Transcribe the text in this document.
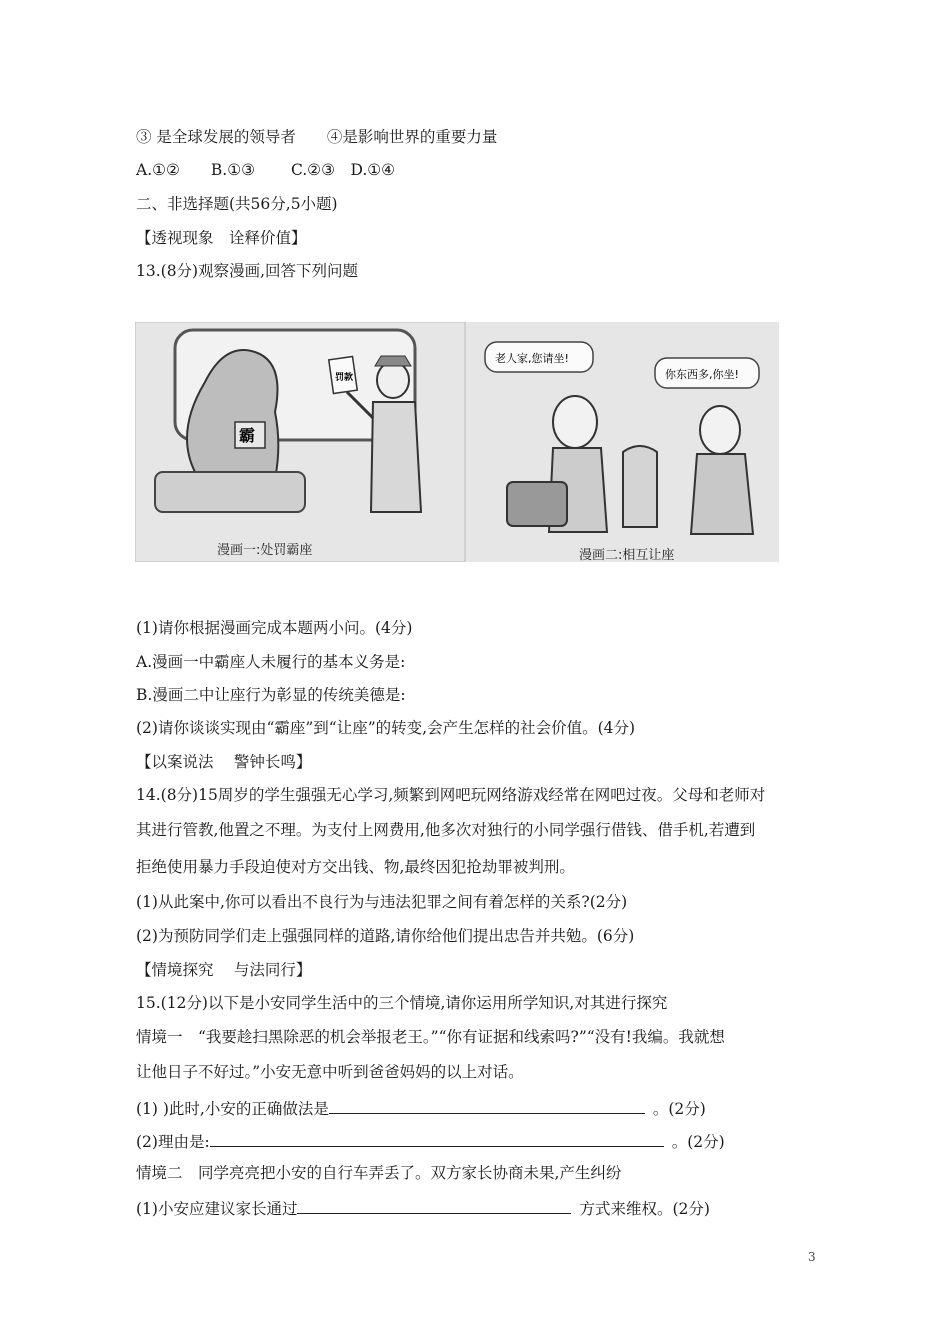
③ 是全球发展的领导者　　④是影响世界的重要力量
A.①②　　B.①③　　 C.②③　D.①④
二、非选择题(共56分,5小题)
【透视现象　诠释价值】
13.(8分)观察漫画,回答下列问题
霸
罚款
老人家,您请坐!
你东西多,你坐!
漫画一:处罚霸座	漫画二:相互让座
(1)请你根据漫画完成本题两小问。(4分)
A.漫画一中霸座人未履行的基本义务是:
B.漫画二中让座行为彰显的传统美德是:
(2)请你谈谈实现由“霸座”到“让座”的转变,会产生怎样的社会价值。(4分)
【以案说法　 警钟长鸣】
14.(8分)15周岁的学生强强无心学习,频繁到网吧玩网络游戏经常在网吧过夜。父母和老师对
其进行管教,他置之不理。为支付上网费用,他多次对独行的小同学强行借钱、借手机,若遭到
拒绝使用暴力手段迫使对方交出钱、物,最终因犯抢劫罪被判刑。
(1)从此案中,你可以看出不良行为与违法犯罪之间有着怎样的关系?(2分)
(2)为预防同学们走上强强同样的道路,请你给他们提出忠告并共勉。(6分)
【情境探究　 与法同行】
15.(12分)以下是小安同学生活中的三个情境,请你运用所学知识,对其进行探究
情境一　“我要趁扫黑除恶的机会举报老王。”“你有证据和线索吗?”“没有!我编。我就想
让他日子不好过。”小安无意中听到爸爸妈妈的以上对话。
(1) )此时,小安的正确做法是	。(2分)
(2)理由是:	。(2分)
情境二　同学亮亮把小安的自行车弄丢了。双方家长协商未果,产生纠纷
(1)小安应建议家长通过	方式来维权。(2分)
3
